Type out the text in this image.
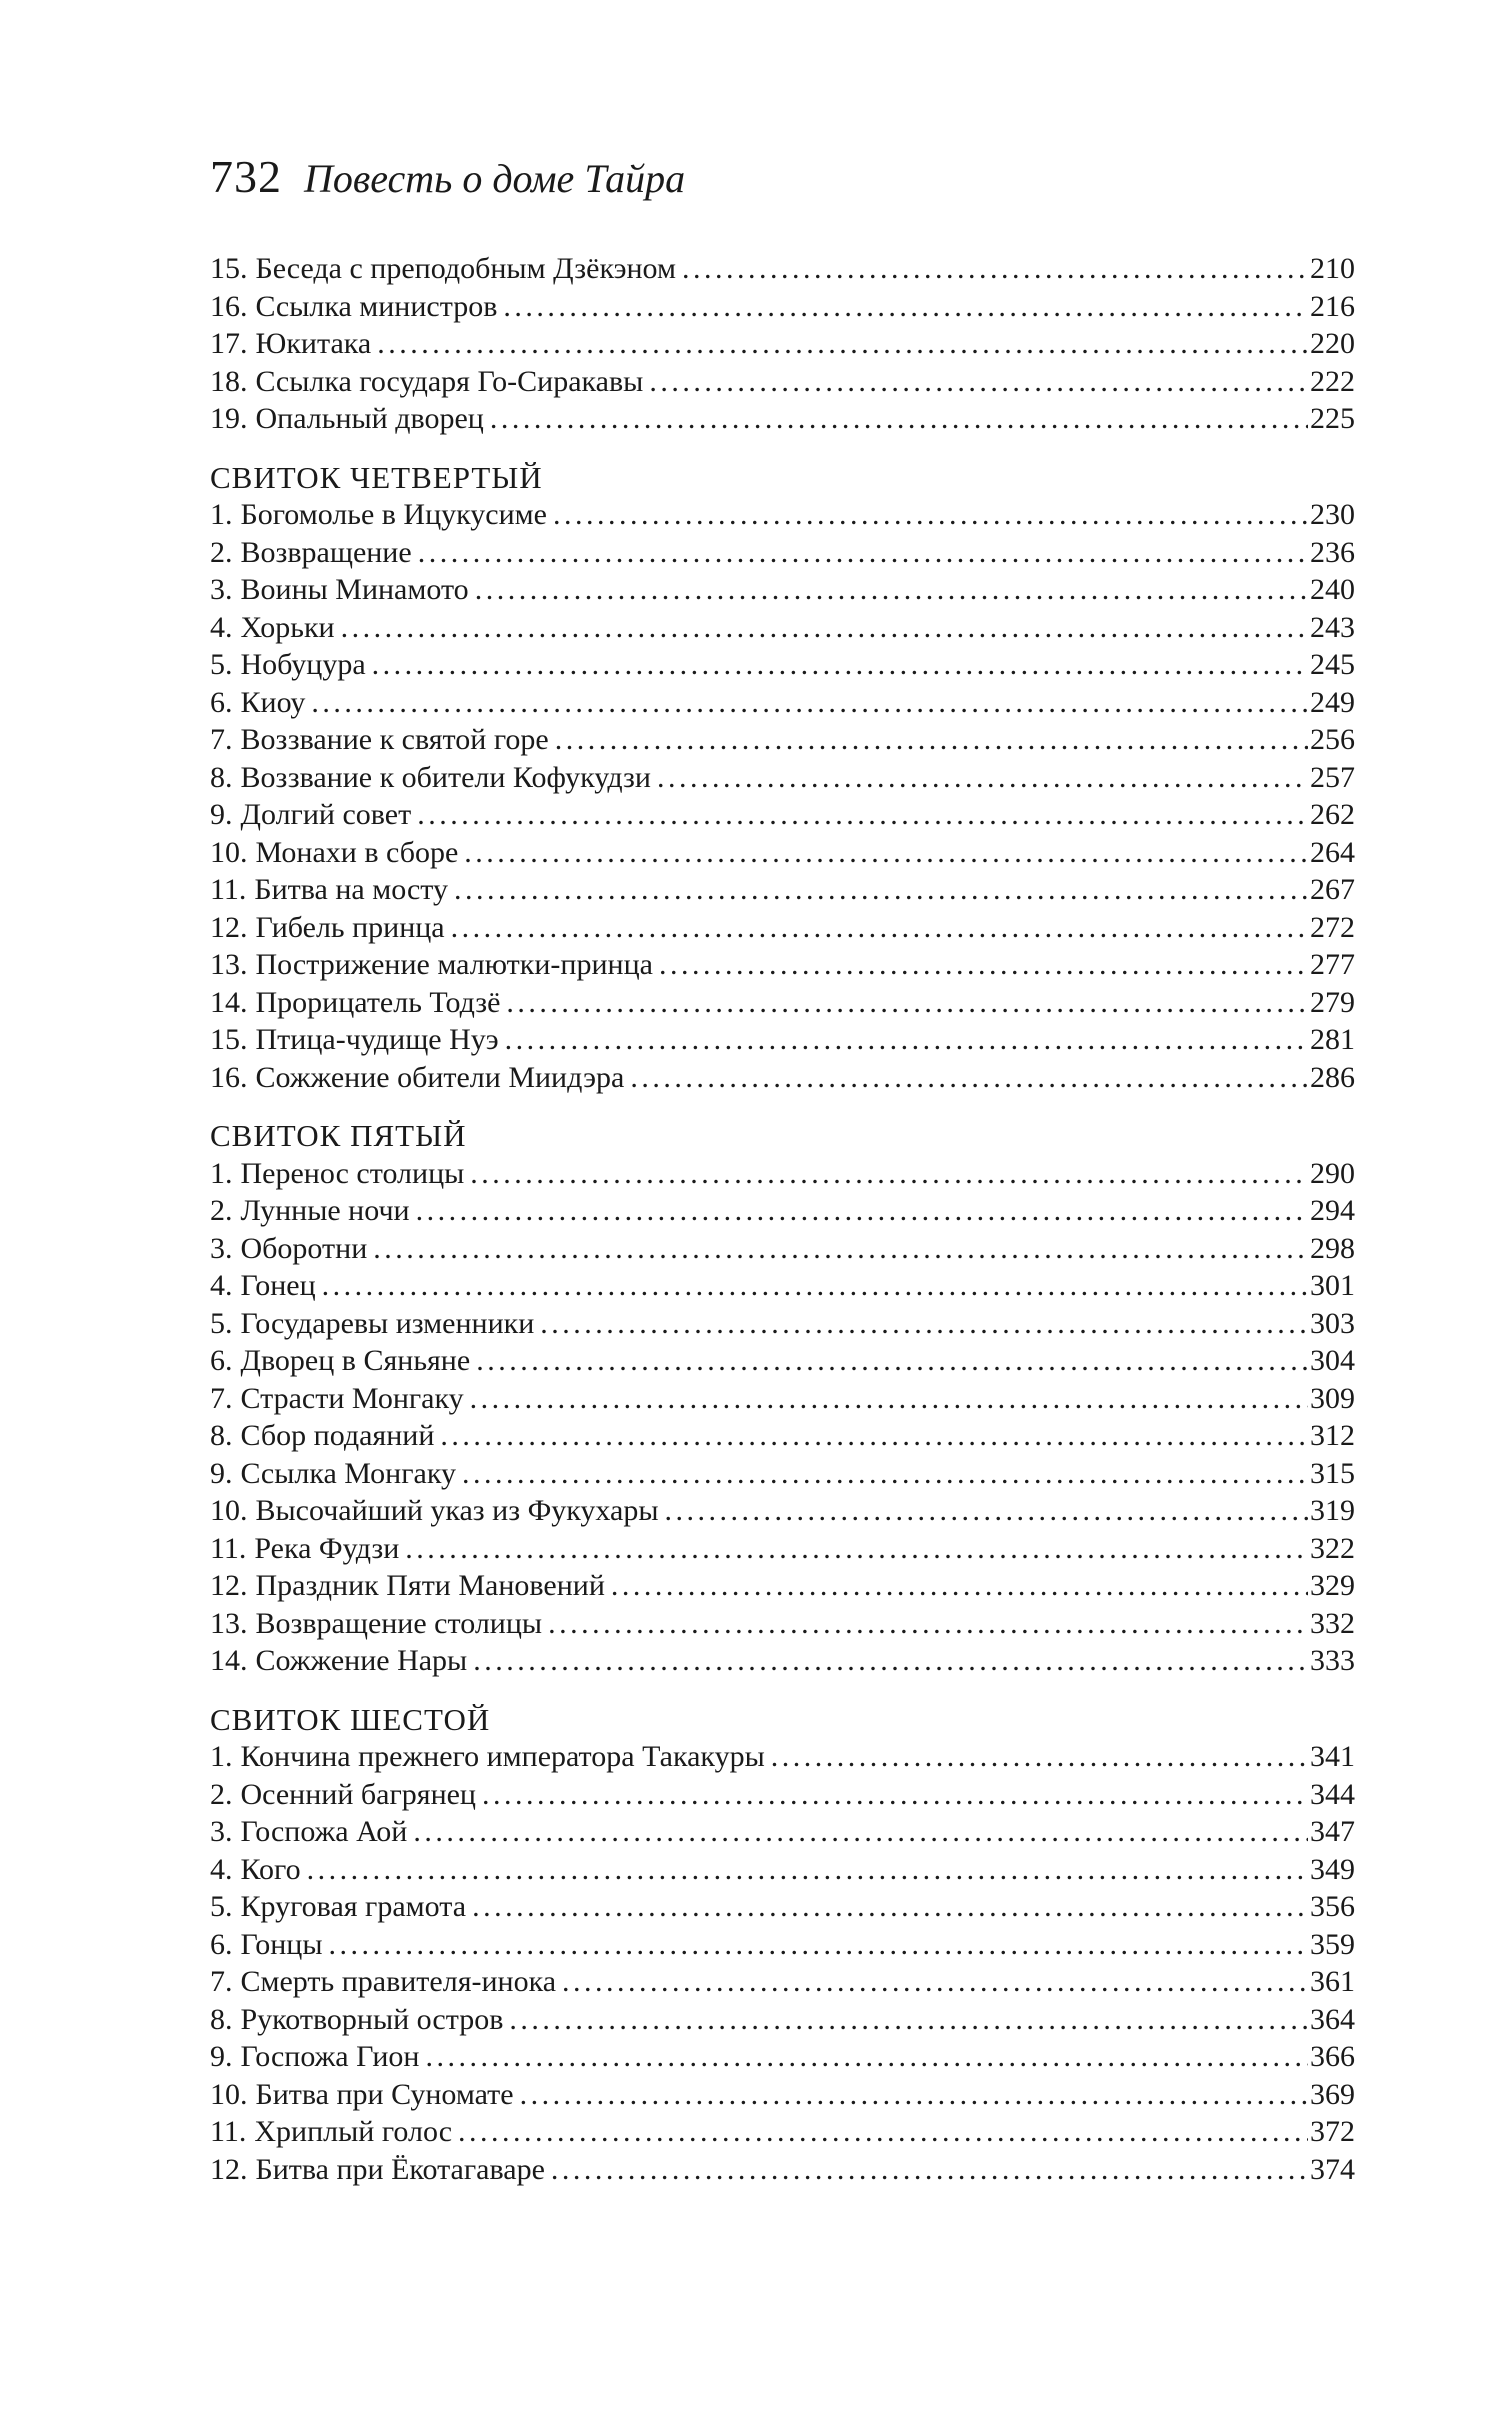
732 Повесть о доме Тайра
15. Беседа с преподобным Дзёкэном . . .	210
16. Ссылка министров . . .	216
17. Юкитака . . .	220
18. Ссылка государя Го-Сиракавы . . .	222
19. Опальный дворец . . .	225
СВИТОК ЧЕТВЕРТЫЙ
1. Богомолье в Ицукусиме . . .	230
2. Возвращение . . .	236
3. Воины Минамото . . .	240
4. Хорьки . . .	243
5. Нобуцура . . .	245
6. Киоу . . .	249
7. Воззвание к святой горе . . .	256
8. Воззвание к обители Кофукудзи . . .	257
9. Долгий совет . . .	262
10. Монахи в сборе . . .	264
11. Битва на мосту . . .	267
12. Гибель принца . . .	272
13. Пострижение малютки-принца . . .	277
14. Прорицатель Тодзё . . .	279
15. Птица-чудище Нуэ . . .	281
16. Сожжение обители Миидэра . . .	286
СВИТОК ПЯТЫЙ
1. Перенос столицы . . .	290
2. Лунные ночи . . .	294
3. Оборотни . . .	298
4. Гонец . . .	301
5. Государевы изменники . . .	303
6. Дворец в Сяньяне . . .	304
7. Страсти Монгаку . . .	309
8. Сбор подаяний . . .	312
9. Ссылка Монгаку . . .	315
10. Высочайший указ из Фукухары . . .	319
11. Река Фудзи . . .	322
12. Праздник Пяти Мановений . . .	329
13. Возвращение столицы . . .	332
14. Сожжение Нары . . .	333
СВИТОК ШЕСТОЙ
1. Кончина прежнего императора Такакуры . . .	341
2. Осенний багрянец . . .	344
3. Госпожа Аой . . .	347
4. Кого . . .	349
5. Круговая грамота . . .	356
6. Гонцы . . .	359
7. Смерть правителя-инока . . .	361
8. Рукотворный остров . . .	364
9. Госпожа Гион . . .	366
10. Битва при Суномате . . .	369
11. Хриплый голос . . .	372
12. Битва при Ёкотагаваре . . .	374
